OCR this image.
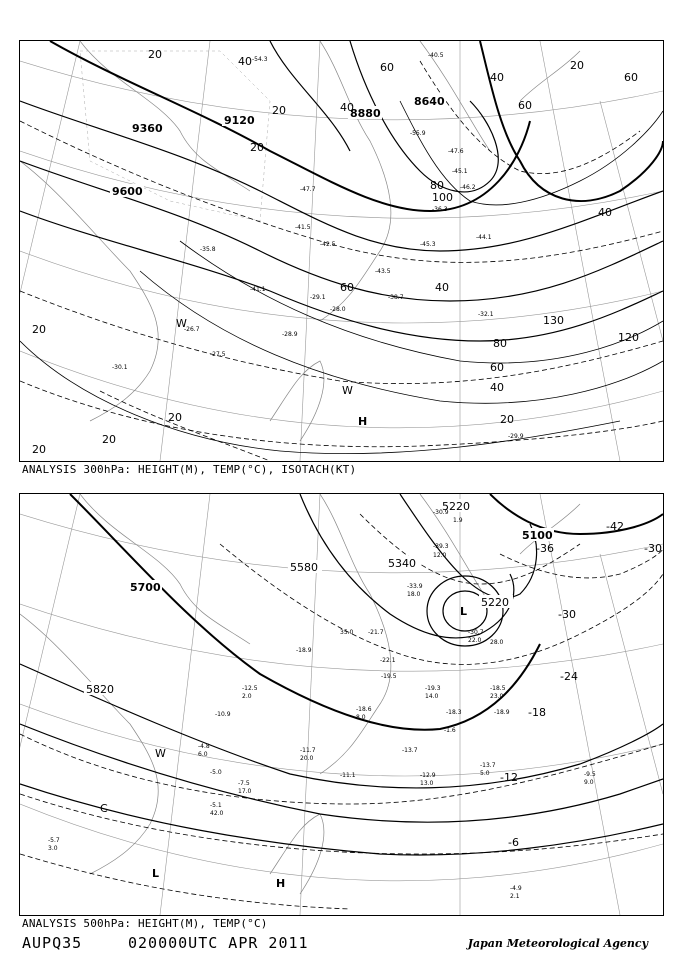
9360
9120
8880
8640
9600
20
40
20
60
40
20
80
100
120
60	40
20
130
80
60
40
20
60
40
20
20
20
20
40
60
-40.5
-54.3
-55.9
-47.6
-45.3
-43.5
-42.5
-47.7
-41.5
-30.1
-38.7
-32.1
-29.9
-27.5
-26.7
-28.9
-36.3
-45.1
-46.2
-44.1
-29.1
-28.0
-41.1
-35.8
W
W
H
ANALYSIS 300hPa: HEIGHT(M), TEMP(°C), ISOTACH(KT)
5700
5820
5580	5340
5220
5100
5220
-42
-36	-30
-30
-24
-18
-12
-6
-30.9
-39.3
-33.9
-30.7
-21.7
-22.1
-18.9
-19.5
-19.3	-18.5
-18.3	-18.9
-18.6
-13.7
-12.9
-11.1
-13.7
-9.5
-4.9
-5.7
-5.1
-7.5
-1.6
-10.9
-11.7
-12.5
-4.8
-5.0
12.0
1.9
18.0
35.0
22.0 28.0
14.0	23.0
8.0
13.0
5.0
9.0
2.1
42.0
3.0
17.0
6.0
2.0
20.0
L
W
C
L
H
ANALYSIS 500hPa: HEIGHT(M), TEMP(°C)
AUPQ35	020000UTC APR 2011	Japan Meteorological Agency
